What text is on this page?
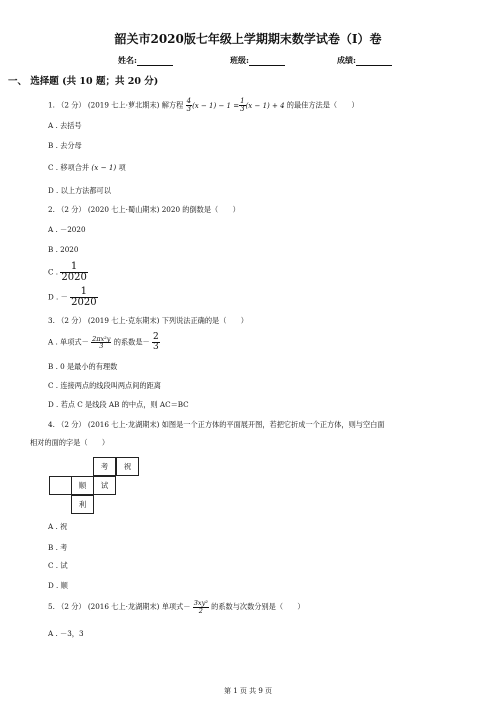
韶关市2020版七年级上学期期末数学试卷（I）卷
姓名:	班级:	成绩:
一、 选择题 (共 10 题；共 20 分)
1. （2 分） (2019 七上·萝北期末) 解方程 $\frac{4}{3} (x - 1) - 1 = \frac{1}{3} (x - 1) + 4$ 的最佳方法是（　　）
A . 去括号
B . 去分母
C . 移项合并 (x − 1) 项
D . 以上方法都可以
2. （2 分） (2020 七上·蜀山期末) 2020 的倒数是（　　）
A . －2020
B . 2020
C . $\frac{1}{2020}$
D . － $\frac{1}{2020}$
3. （2 分） (2019 七上·克东期末) 下列说法正确的是（　　）
A . 单项式－ $\frac{\text{2πx²y}}{3}$ 的系数是－ $\frac{2}{3}$
B . 0 是最小的有理数
C . 连接两点的线段叫两点间的距离
D . 若点 C 是线段 AB 的中点，则 AC＝BC
4. （2 分） (2016 七上·龙湖期末) 如图是一个正方体的平面展开图，若把它折成一个正方体，则与空白面
相对的面的字是（　　）
考	祝
顺	试
利
A . 祝
B . 考
C . 试
D . 顺
5. （2 分） (2016 七上·龙湖期末) 单项式－ $\frac{\text{3xy²}}{2}$ 的系数与次数分别是（　　）
A . －3，3
第 1 页 共 9 页
